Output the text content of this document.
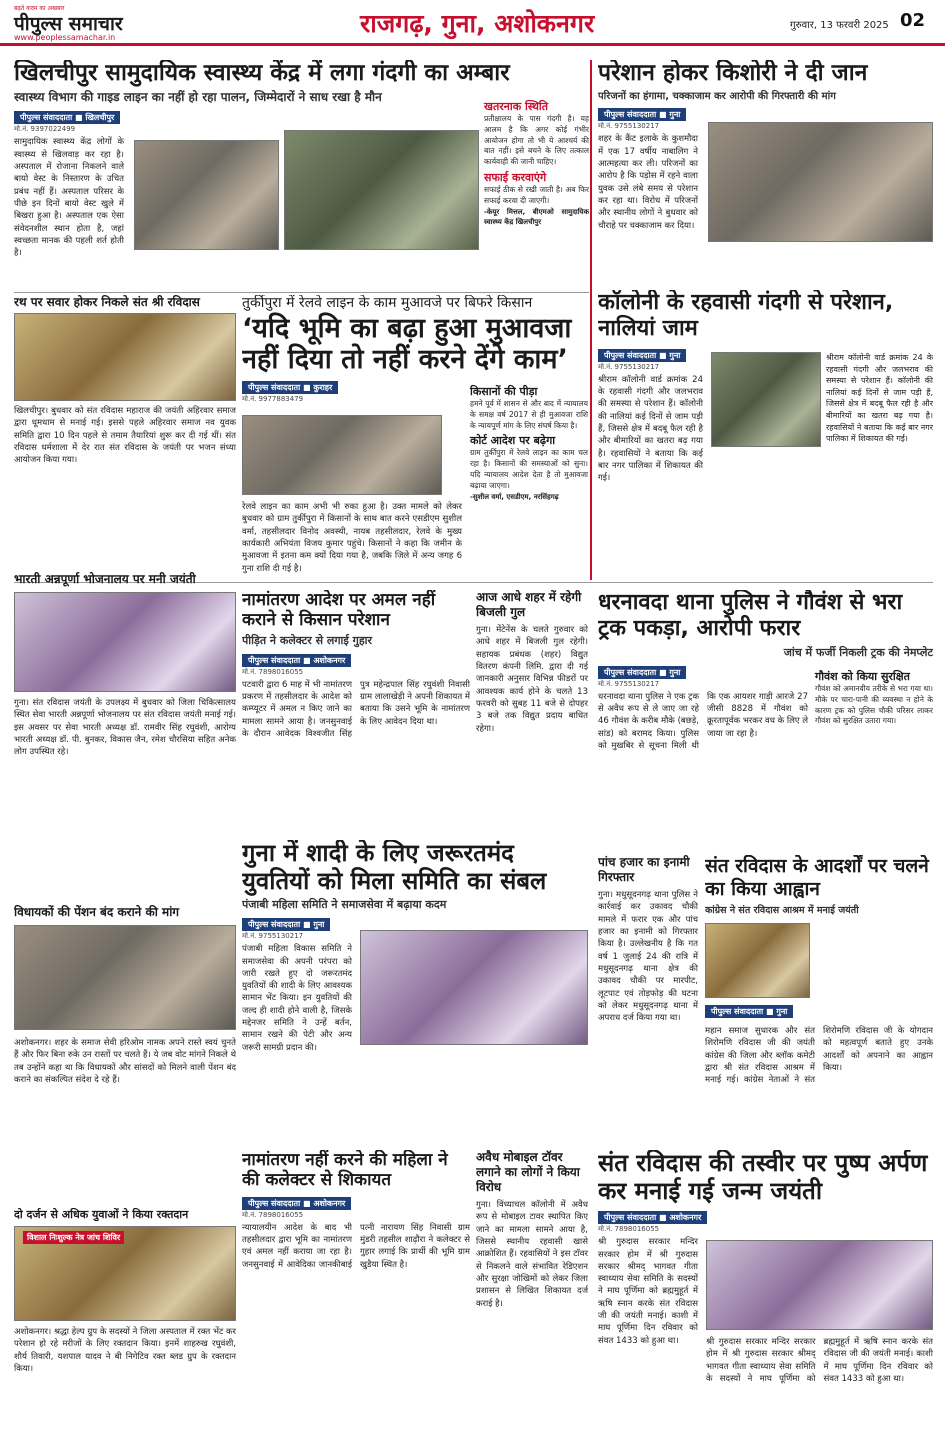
बढ़ते कदम का अखबार
पीपुल्स समाचार
www.peoplessamachar.in	राजगढ़, गुना, अशोकनगर	गुरुवार, 13 फरवरी 2025 02
खिलचीपुर सामुदायिक स्वास्थ्य केंद्र में लगा गंदगी का अम्बार
स्वास्थ्य विभाग की गाइड लाइन का नहीं हो रहा पालन, जिम्मेदारों ने साध रखा है मौन
पीपुल्स संवाददाता ■ खिलचीपुर
मो.नं. 9397022499
सामुदायिक स्वास्थ्य केंद्र लोगों के स्वास्थ्य से खिलवाड़ कर रहा है। अस्पताल में रोजाना निकलने वाले बायो वेस्ट के निस्तारण के उचित प्रबंध नहीं हैं। अस्पताल परिसर के पीछे इन दिनों बायो वेस्ट खुले में बिखरा हुआ है। अस्पताल एक ऐसा संवेदनशील स्थान होता है, जहां स्वच्छता मानक की पहली शर्त होती है।
खतरनाक स्थिति
प्रतीक्षालय के पास गंदगी है। यह आलम है कि अगर कोई गंभीर आयोजन होगा तो भी ये आश्चर्य की बात नहीं। इसे बचने के लिए तत्काल कार्यवाही की जानी चाहिए।
सफाई करवाएंगे
सफाई ठीक से रखी जाती है। अब फिर सफाई करवा दी जाएगी।
-केयूर मित्तल, बीएमओ सामुदायिक स्वास्थ्य केंद्र खिलचीपुर
परेशान होकर किशोरी ने दी जान
परिजनों का हंगामा, चक्काजाम कर आरोपी की गिरफ्तारी की मांग
पीपुल्स संवाददाता ■ गुना
मो.नं. 9755130217
शहर के कैंट इलाके के कुशमौदा में एक 17 वर्षीय नाबालिग ने आत्महत्या कर ली। परिजनों का आरोप है कि पड़ोस में रहने वाला युवक उसे लंबे समय से परेशान कर रहा था। विरोध में परिजनों और स्थानीय लोगों ने बुधवार को चौराहे पर चक्काजाम कर दिया।
रथ पर सवार होकर निकले संत श्री रविदास
खिलचीपुर। बुधवार को संत रविदास महाराज की जयंती अहिरवार समाज द्वारा धूमधाम से मनाई गई। इससे पहले अहिरवार समाज नव युवक समिति द्वारा 10 दिन पहले से तमाम तैयारियां शुरू कर दी गई थीं। संत रविदास धर्मशाला में देर रात संत रविदास के जयंती पर भजन संध्या आयोजन किया गया।
तुर्कीपुरा में रेलवे लाइन के काम मुआवजे पर बिफरे किसान
‘यदि भूमि का बढ़ा हुआ मुआवजा नहीं दिया तो नहीं करने देंगे काम’
पीपुल्स संवाददाता ■ कुराहर
मो.नं. 9977883479
रेलवे लाइन का काम अभी भी रुका हुआ है। उक्त मामले को लेकर बुधवार को ग्राम तुर्कीपुरा में किसानों के साथ बात करने एसडीएम सुशील वर्मा, तहसीलदार विनोद अवस्थी, नायब तहसीलदार, रेलवे के मुख्य कार्यकारी अभियंता विजय कुमार पहुंचे। किसानों ने कहा कि जमीन के मुआवजा में इतना कम क्यों दिया गया है, जबकि जिले में अन्य जगह 6 गुना राशि दी गई है।
किसानों की पीड़ा
हमने पूर्व में शासन से और बाद में न्यायालय के समक्ष वर्ष 2017 से ही मुआवजा राशि के न्यायपूर्ण मांग के लिए संघर्ष किया है।
कोर्ट आदेश पर बढ़ेगा
ग्राम तुर्कीपुरा में रेलवे लाइन का काम चल रहा है। किसानों की समस्याओं को सुना। यदि न्यायालय आदेश देता है तो मुआवजा बढ़ाया जाएगा।
-सुशील वर्मा, एसडीएम, नरसिंहगढ़
कॉलोनी के रहवासी गंदगी से परेशान, नालियां जाम
पीपुल्स संवाददाता ■ गुना
मो.नं. 9755130217
श्रीराम कॉलोनी वार्ड क्रमांक 24 के रहवासी गंदगी और जलभराव की समस्या से परेशान हैं। कॉलोनी की नालियां कई दिनों से जाम पड़ी हैं, जिससे क्षेत्र में बदबू फैल रही है और बीमारियों का खतरा बढ़ गया है। रहवासियों ने बताया कि कई बार नगर पालिका में शिकायत की गई।
श्रीराम कॉलोनी वार्ड क्रमांक 24 के रहवासी गंदगी और जलभराव की समस्या से परेशान हैं। कॉलोनी की नालियां कई दिनों से जाम पड़ी हैं, जिससे क्षेत्र में बदबू फैल रही है और बीमारियों का खतरा बढ़ गया है। रहवासियों ने बताया कि कई बार नगर पालिका में शिकायत की गई।
भारती अन्नपूर्णा भोजनालय पर मनी जयंती
गुना। संत रविदास जयंती के उपलक्ष्य में बुधवार को जिला चिकित्सालय स्थित सेवा भारती अन्नपूर्णा भोजनालय पर संत रविदास जयंती मनाई गई। इस अवसर पर सेवा भारती अध्यक्ष डॉ. रामवीर सिंह रघुवंशी, आरोग्य भारती अध्यक्ष डॉ. पी. बुनकर, विकास जैन, रमेश चौरसिया सहित अनेक लोग उपस्थित रहे।
नामांतरण आदेश पर अमल नहीं कराने से किसान परेशान
पीड़ित ने कलेक्टर से लगाई गुहार
पीपुल्स संवाददाता ■ अशोकनगर
मो.नं. 7898016055
पटवारी द्वारा 6 माह में भी नामांतरण प्रकरण में तहसीलदार के आदेश को कम्प्यूटर में अमल न किए जाने का मामला सामने आया है। जनसुनवाई के दौरान आवेदक विश्वजीत सिंह पुत्र महेन्द्रपाल सिंह रघुवंशी निवासी ग्राम लालाखेड़ी ने अपनी शिकायत में बताया कि उसने भूमि के नामांतरण के लिए आवेदन दिया था।
आज आधे शहर में रहेगी बिजली गुल
गुना। मेंटेनेंस के चलते गुरुवार को आधे शहर में बिजली गुल रहेगी। सहायक प्रबंधक (शहर) विद्युत वितरण कंपनी लिमि. द्वारा दी गई जानकारी अनुसार विभिन्न फीडरों पर आवश्यक कार्य होने के चलते 13 फरवरी को सुबह 11 बजे से दोपहर 3 बजे तक विद्युत प्रदाय बाधित रहेगा।
धरनावदा थाना पुलिस ने गौवंश से भरा ट्रक पकड़ा, आरोपी फरार
जांच में फर्जी निकली ट्रक की नेमप्लेट
पीपुल्स संवाददाता ■ गुना
मो.नं. 9755130217
धरनावदा थाना पुलिस ने एक ट्रक से अवैध रूप से ले जाए जा रहे 46 गौवंश के करीब मौके (बछड़े, सांड) को बरामद किया। पुलिस को मुखबिर से सूचना मिली थी कि एक आयशर गाड़ी आरजे 27 जीसी 8828 में गौवंश को क्रूरतापूर्वक भरकर वध के लिए ले जाया जा रहा है।
गौवंश को किया सुरक्षित
गौवंश को अमानवीय तरीके से भरा गया था। मौके पर चारा-पानी की व्यवस्था न होने के कारण ट्रक को पुलिस चौकी परिसर लाकर गौवंश को सुरक्षित उतारा गया।
विधायकों की पेंशन बंद कराने की मांग
अशोकनगर। शहर के समाज सेवी हरिओम नामक अपने रास्ते स्वयं चुनते हैं और फिर बिना रुके उन रास्तों पर चलते हैं। ये जब वोट मांगने निकले थे तब उन्होंने कहा था कि विधायकों और सांसदों को मिलने वाली पेंशन बंद कराने का संकल्पित संदेश दे रहे हैं।
गुना में शादी के लिए जरूरतमंद युवतियों को मिला समिति का संबल
पंजाबी महिला समिति ने समाजसेवा में बढ़ाया कदम
पीपुल्स संवाददाता ■ गुना
मो.नं. 9755130217
पंजाबी महिला विकास समिति ने समाजसेवा की अपनी परंपरा को जारी रखते हुए दो जरूरतमंद युवतियों की शादी के लिए आवश्यक सामान भेंट किया। इन युवतियों की जल्द ही शादी होने वाली है, जिसके मद्देनजर समिति ने उन्हें बर्तन, सामान रखने की पेटी और अन्य जरूरी सामग्री प्रदान की।
पांच हजार का इनामी गिरफ्तार
गुना। मधुसूदनगढ़ थाना पुलिस ने कार्रवाई कर उकावद चौकी मामले में फरार एक और पांच हजार का इनामी को गिरफ्तार किया है। उल्लेखनीय है कि गत वर्ष 1 जुलाई 24 की रात्रि में मधुसूदनगढ़ थाना क्षेत्र की उकावद चौकी पर मारपीट, लूटपाट एवं तोड़फोड़ की घटना को लेकर मधुसूदनगढ़ थाना में अपराध दर्ज किया गया था।
संत रविदास के आदर्शों पर चलने का किया आह्वान
कांग्रेस ने संत रविदास आश्रम में मनाई जयंती
पीपुल्स संवाददाता ■ गुना
महान समाज सुधारक और संत शिरोमणि रविदास जी की जयंती कांग्रेस की जिला और ब्लॉक कमेटी द्वारा श्री संत रविदास आश्रम में मनाई गई। कांग्रेस नेताओं ने संत शिरोमणि रविदास जी के योगदान को महत्वपूर्ण बताते हुए उनके आदर्शों को अपनाने का आह्वान किया।
दो दर्जन से अधिक युवाओं ने किया रक्तदान
विशाल निःशुल्क नेत्र जांच शिविर
अशोकनगर। श्रद्धा हेल्प ग्रुप के सदस्यों ने जिला अस्पताल में रक्त भेंट कर परेशान हो रहे मरीजों के लिए रक्तदान किया। इनमें शाहरुख रघुवंशी, शौर्य तिवारी, यशपाल यादव ने बी निगेटिव रक्त ब्लड ग्रुप के रक्तदान किया।
नामांतरण नहीं करने की महिला ने की कलेक्टर से शिकायत
पीपुल्स संवाददाता ■ अशोकनगर
मो.नं. 7898016055
न्यायालयीन आदेश के बाद भी तहसीलदार द्वारा भूमि का नामांतरण एवं अमल नहीं कराया जा रहा है। जनसुनवाई में आवेदिका जानकीबाई पत्नी नारायण सिंह निवासी ग्राम मुंडरी तहसील शाढ़ौरा ने कलेक्टर से गुहार लगाई कि प्रार्थी की भूमि ग्राम खुडैया स्थित है।
अवैध मोबाइल टॉवर लगाने का लोगों ने किया विरोध
गुना। विंध्याचल कॉलोनी में अवैध रूप से मोबाइल टावर स्थापित किए जाने का मामला सामने आया है, जिससे स्थानीय रहवासी खासे आक्रोशित हैं। रहवासियों ने इस टॉवर से निकलने वाले संभावित रेडिएशन और सुरक्षा जोखिमों को लेकर जिला प्रशासन से लिखित शिकायत दर्ज कराई है।
संत रविदास की तस्वीर पर पुष्प अर्पण कर मनाई गई जन्म जयंती
पीपुल्स संवाददाता ■ अशोकनगर
मो.नं. 7898016055
श्री गुरुदास सरकार मन्दिर सरकार होम में श्री गुरुदास सरकार श्रीमद् भागवत गीता स्वाध्याय सेवा समिति के सदस्यों ने माघ पूर्णिमा को ब्रह्ममुहूर्त में ऋषि स्नान करके संत रविदास जी की जयंती मनाई। काशी में माघ पूर्णिमा दिन रविवार को संवत 1433 को हुआ था।	श्री गुरुदास सरकार मन्दिर सरकार होम में श्री गुरुदास सरकार श्रीमद् भागवत गीता स्वाध्याय सेवा समिति के सदस्यों ने माघ पूर्णिमा को ब्रह्ममुहूर्त में ऋषि स्नान करके संत रविदास जी की जयंती मनाई। काशी में माघ पूर्णिमा दिन रविवार को संवत 1433 को हुआ था।
